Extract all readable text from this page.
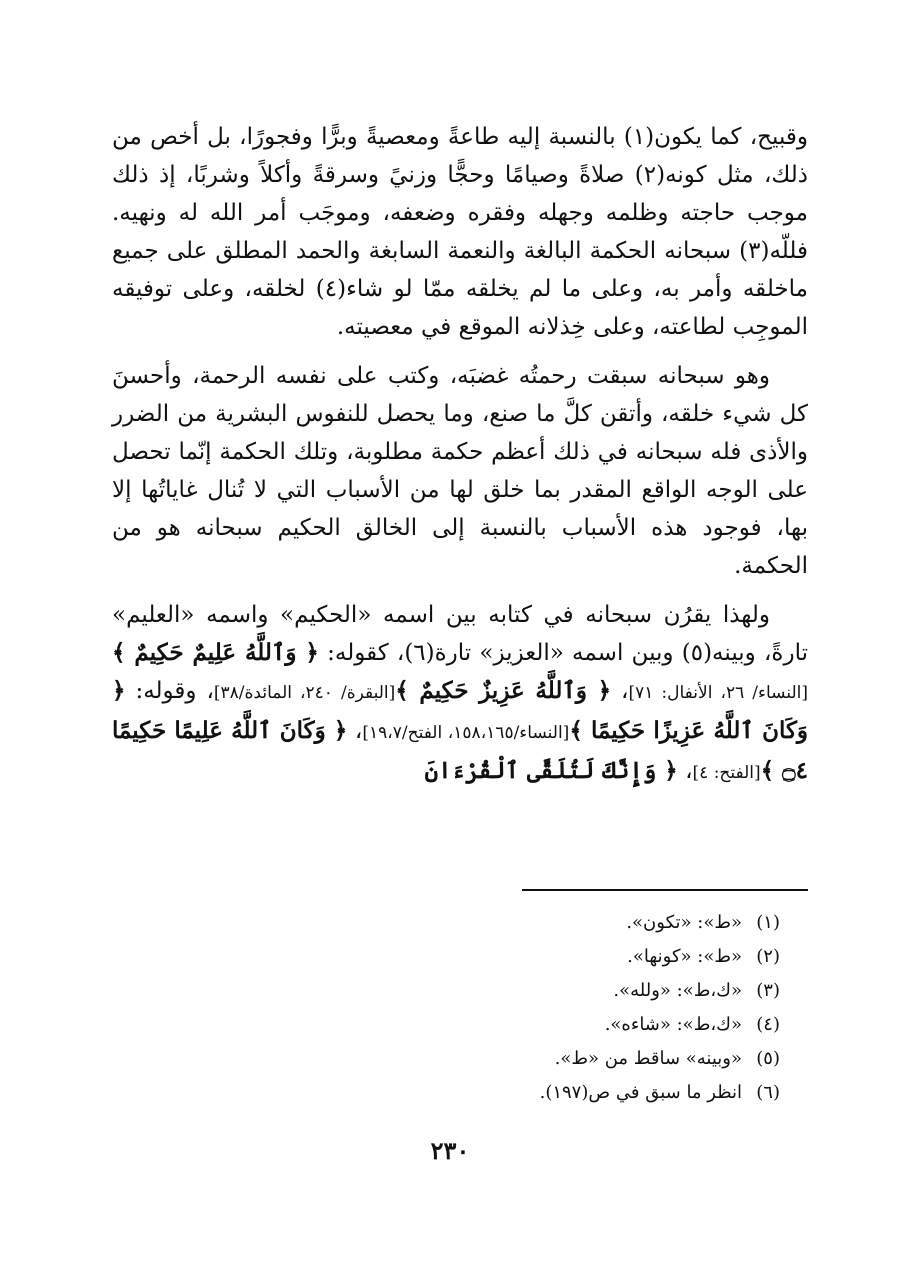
وقبيح، كما يكون(١) بالنسبة إليه طاعةً ومعصيةً وبرًّا وفجورًا، بل أخص من ذلك، مثل كونه(٢) صلاةً وصيامًا وحجًّا وزنيً وسرقةً وأكلاً وشربًا، إذ ذلك موجب حاجته وظلمه وجهله وفقره وضعفه، وموجَب أمر الله له ونهيه. فللّه(٣) سبحانه الحكمة البالغة والنعمة السابغة والحمد المطلق على جميع ماخلقه وأمر به، وعلى ما لم يخلقه ممّا لو شاء(٤) لخلقه، وعلى توفيقه الموجِب لطاعته، وعلى خِذلانه الموقع في معصيته.

وهو سبحانه سبقت رحمتُه غضبَه، وكتب على نفسه الرحمة، وأحسنَ كل شيء خلقه، وأتقن كلَّ ما صنع، وما يحصل للنفوس البشرية من الضرر والأذى فله سبحانه في ذلك أعظم حكمة مطلوبة، وتلك الحكمة إنّما تحصل على الوجه الواقع المقدر بما خلق لها من الأسباب التي لا تُنال غاياتُها إلا بها، فوجود هذه الأسباب بالنسبة إلى الخالق الحكيم سبحانه هو من الحكمة.

ولهذا يقرُن سبحانه في كتابه بين اسمه «الحكيم» واسمه «العليم» تارةً، وبينه(٥) وبين اسمه «العزيز» تارة(٦)، كقوله: ﴿ وَٱللَّهُ عَلِيمٌ حَكِيمٌ ﴾[النساء/ ٢٦، الأنفال: ٧١]، ﴿ وَٱللَّهُ عَزِيزٌ حَكِيمٌ ﴾[البقرة/ ٢٤٠، المائدة/٣٨]، وقوله: ﴿ وَكَانَ ٱللَّهُ عَزِيزًا حَكِيمًا ﴾[النساء/١٥٨،١٦٥، الفتح/١٩،٧]، ﴿ وَكَانَ ٱللَّهُ عَلِيمًا حَكِيمًا ۝٤ ﴾[الفتح: ٤]، ﴿ وَإِنَّكَ لَتُلَقَّى ٱلْقُرْءَانَ

(١)
«ط»: «تكون».
(٢)
«ط»: «كونها».
(٣)
«ك،ط»: «ولله».
(٤)
«ك،ط»: «شاءه».
(٥)
«وبينه» ساقط من «ط».
(٦)
انظر ما سبق في ص(١٩٧).
٢٣٠
